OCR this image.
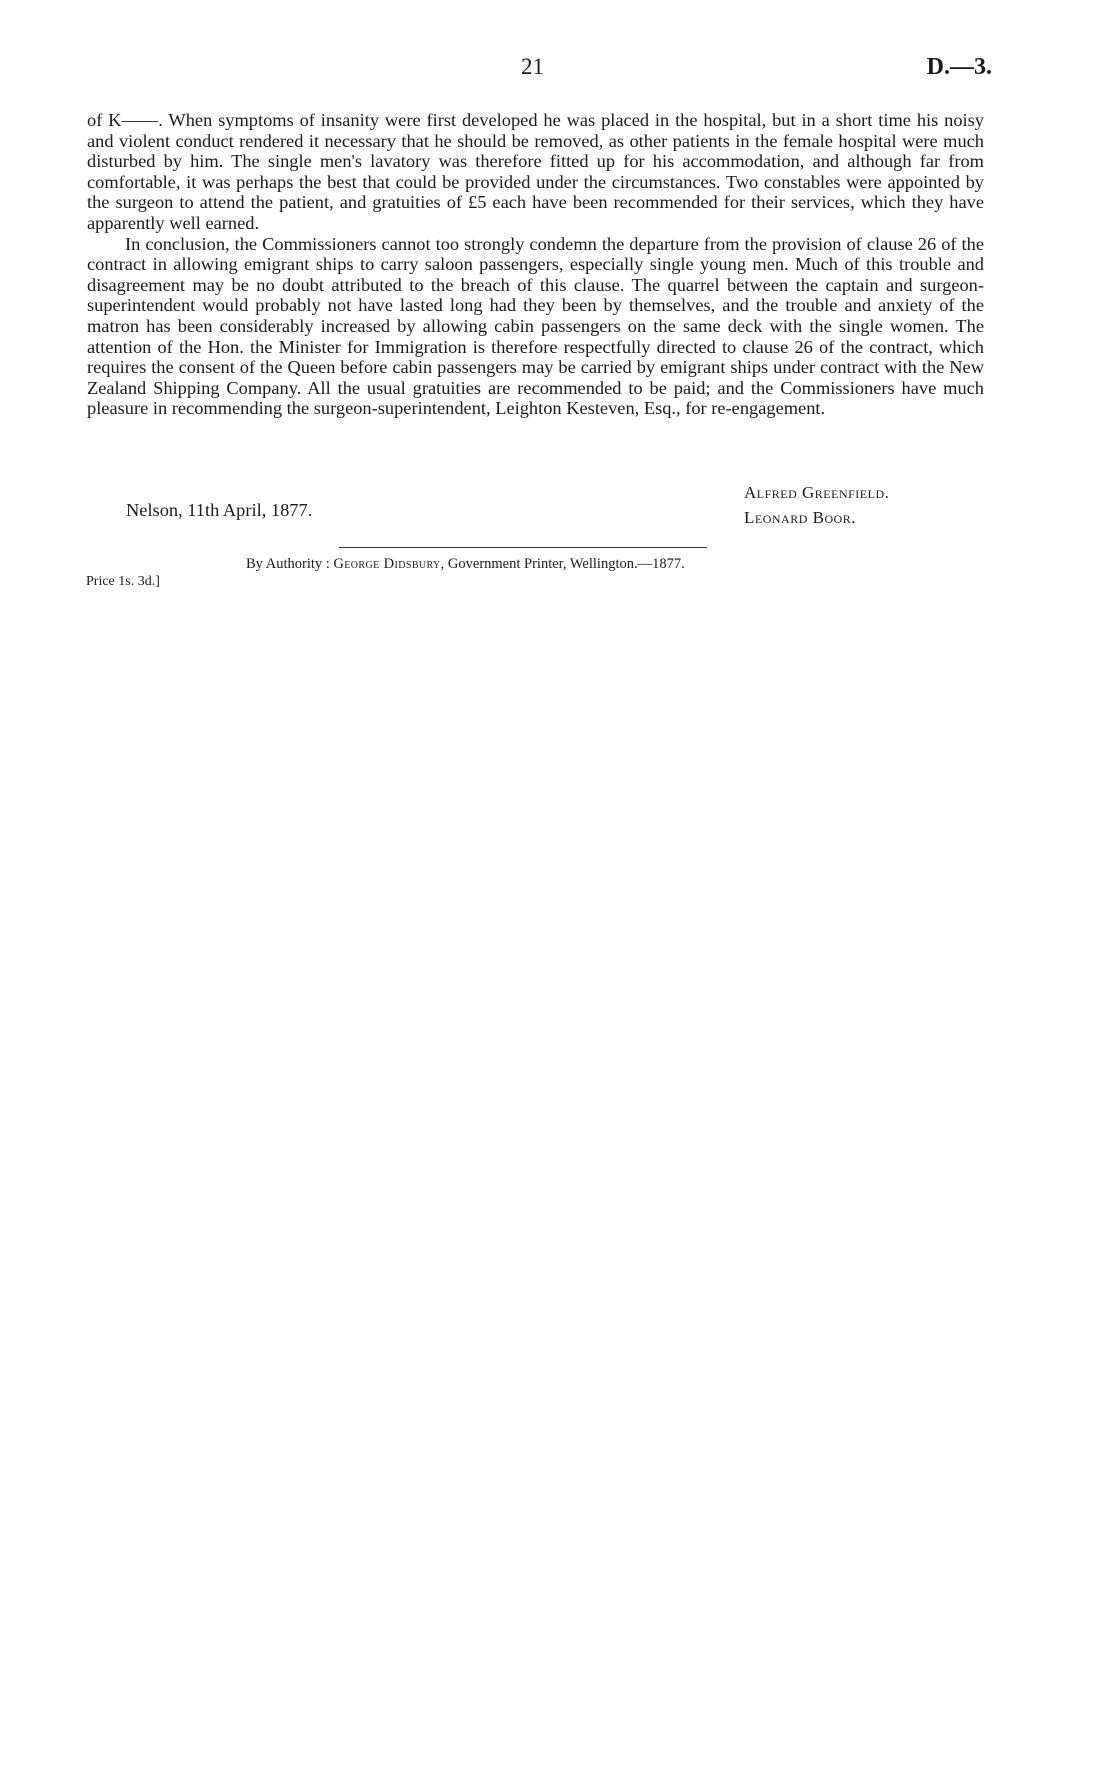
21	D.—3.

of K——. When symptoms of insanity were first developed he was placed in the hospital, but in a short time his noisy and violent conduct rendered it necessary that he should be removed, as other patients in the female hospital were much disturbed by him. The single men's lavatory was therefore fitted up for his accommodation, and although far from comfortable, it was perhaps the best that could be provided under the circumstances. Two constables were appointed by the surgeon to attend the patient, and gratuities of £5 each have been recommended for their services, which they have apparently well earned.

In conclusion, the Commissioners cannot too strongly condemn the departure from the provision of clause 26 of the contract in allowing emigrant ships to carry saloon passengers, especially single young men. Much of this trouble and disagreement may be no doubt attributed to the breach of this clause. The quarrel between the captain and surgeon-superintendent would probably not have lasted long had they been by themselves, and the trouble and anxiety of the matron has been considerably increased by allowing cabin passengers on the same deck with the single women. The attention of the Hon. the Minister for Immigration is therefore respectfully directed to clause 26 of the contract, which requires the consent of the Queen before cabin passengers may be carried by emigrant ships under contract with the New Zealand Shipping Company. All the usual gratuities are recommended to be paid; and the Commissioners have much pleasure in recommending the surgeon-superintendent, Leighton Kesteven, Esq., for re-engagement.

Alfred Greenfield.
Leonard Boor.
Nelson, 11th April, 1877.
By Authority : George Didsbury, Government Printer, Wellington.—1877.
Price 1s. 3d.]
